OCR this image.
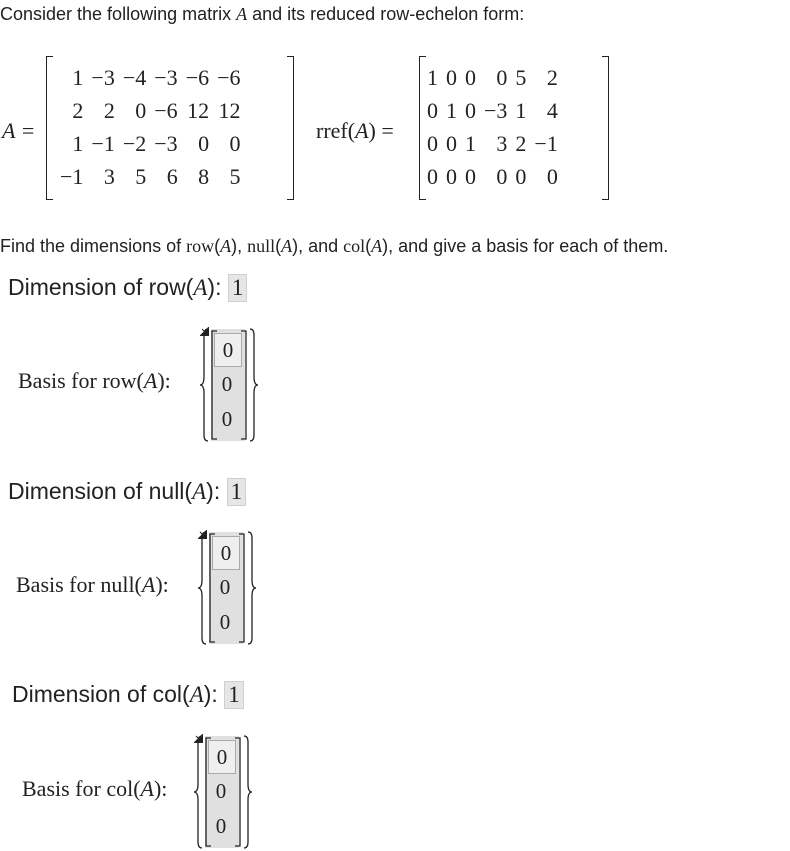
Consider the following matrix A and its reduced row-echelon form:
A =
1	−3	−4	−3	−6	−6
2	2	0	−6	12	12
1	−1	−2	−3	0	0
−1	3	5	6	8	5
rref(A) =
1	0	0	0	5	2
0	1	0	−3	1	4
0	0	1	3	2	−1
0	0	0	0	0	0
Find the dimensions of row(A), null(A), and col(A), and give a basis for each of them.
Dimension of row(A): 1
Basis for row(A):
0
0
0
Dimension of null(A): 1
Basis for null(A):
0
0
0
Dimension of col(A): 1
Basis for col(A):
0
0
0
